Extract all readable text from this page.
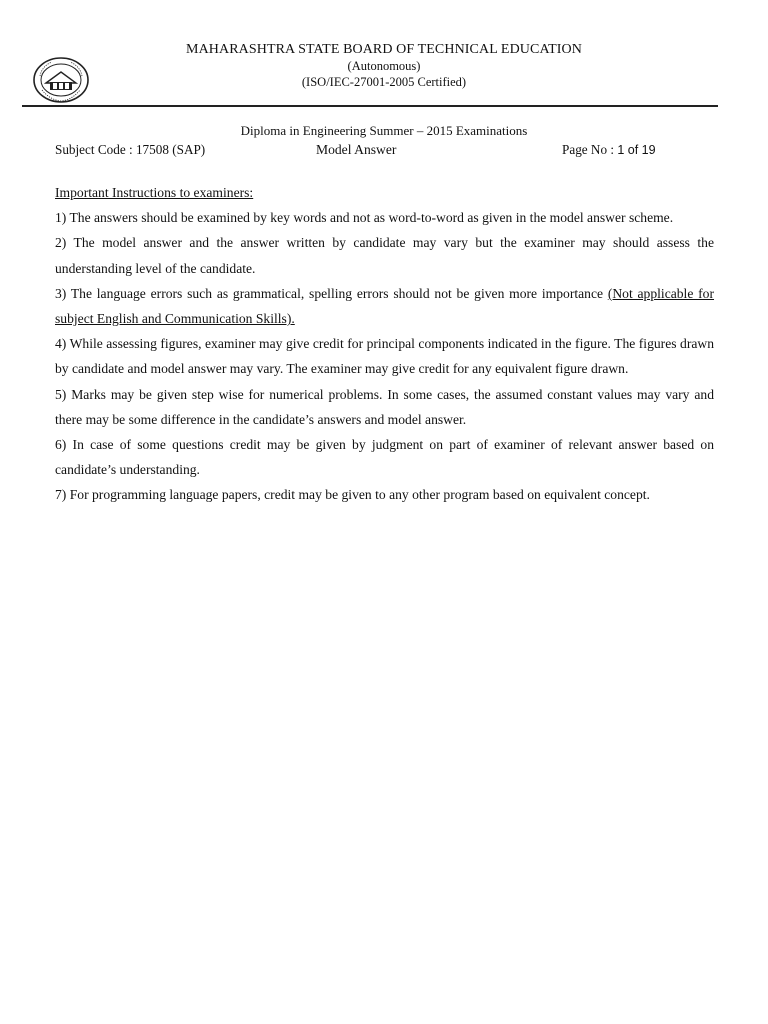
MAHARASHTRA STATE BOARD OF TECHNICAL EDUCATION
(Autonomous)
(ISO/IEC-27001-2005 Certified)
Diploma in Engineering Summer – 2015 Examinations
Subject Code : 17508 (SAP)	Model Answer	Page No : 1 of 19
Important Instructions to examiners:

1) The answers should be examined by key words and not as word-to-word as given in the model answer scheme.

2) The model answer and the answer written by candidate may vary but the examiner may should assess the understanding level of the candidate.

3) The language errors such as grammatical, spelling errors should not be given more importance (Not applicable for subject English and Communication Skills).

4) While assessing figures, examiner may give credit for principal components indicated in the figure. The figures drawn by candidate and model answer may vary. The examiner may give credit for any equivalent figure drawn.

5) Marks may be given step wise for numerical problems. In some cases, the assumed constant values may vary and there may be some difference in the candidate’s answers and model answer.

6) In case of some questions credit may be given by judgment on part of examiner of relevant answer based on candidate’s understanding.

7) For programming language papers, credit may be given to any other program based on equivalent concept.
